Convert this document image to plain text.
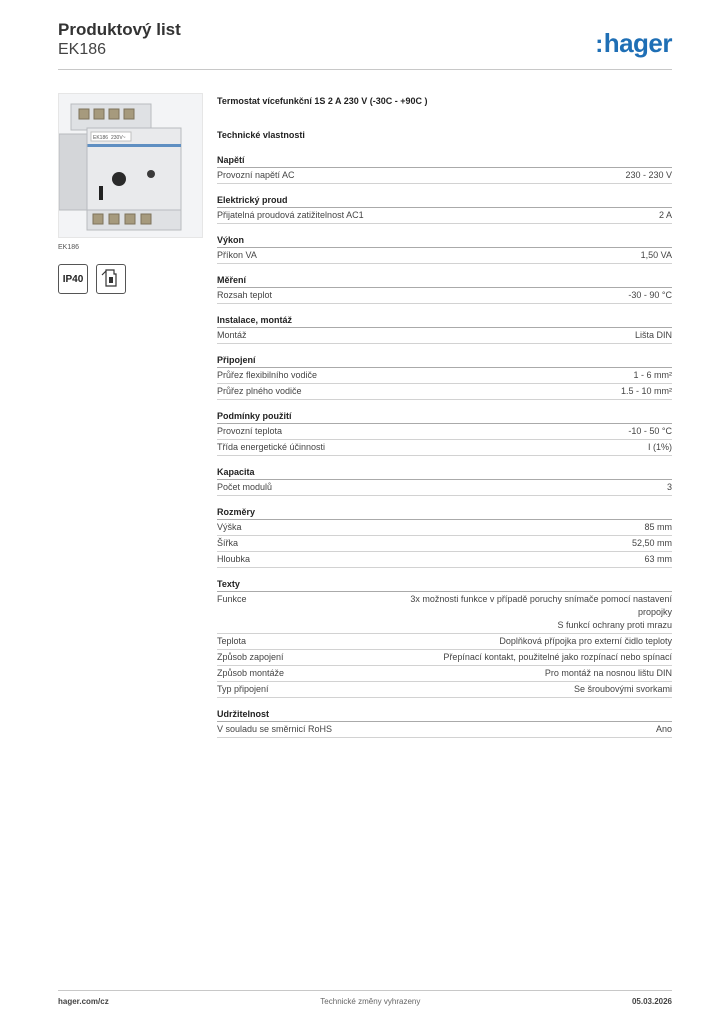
Produktový list
EK186	:hager
EK186 230V~
EK186
IP40
Termostat vícefunkční 1S 2 A 230 V (-30C - +90C )
Technické vlastnosti
Napětí
Provozní napětí AC	230 - 230 V
Elektrický proud
Přijatelná proudová zatižitelnost AC1	2 A
Výkon
Příkon VA	1,50 VA
Měření
Rozsah teplot	-30 - 90 °C
Instalace, montáž
Montáž	Lišta DIN
Připojení
Průřez flexibilního vodiče	1 - 6 mm²
Průřez plného vodiče	1.5 - 10 mm²
Podmínky použití
Provozní teplota	-10 - 50 °C
Třída energetické účinnosti	I (1%)
Kapacita
Počet modulů	3
Rozměry
Výška	85 mm
Šířka	52,50 mm
Hloubka	63 mm
Texty
Funkce	3x možnosti funkce v případě poruchy snímače pomocí nastavení propojky
S funkcí ochrany proti mrazu
Teplota	Doplňková přípojka pro externí čidlo teploty
Způsob zapojení	Přepínací kontakt, použitelné jako rozpínací nebo spínací
Způsob montáže	Pro montáž na nosnou lištu DIN
Typ připojení	Se šroubovými svorkami
Udržitelnost
V souladu se směrnicí RoHS	Ano
hager.com/cz	Technické změny vyhrazeny	05.03.2026
